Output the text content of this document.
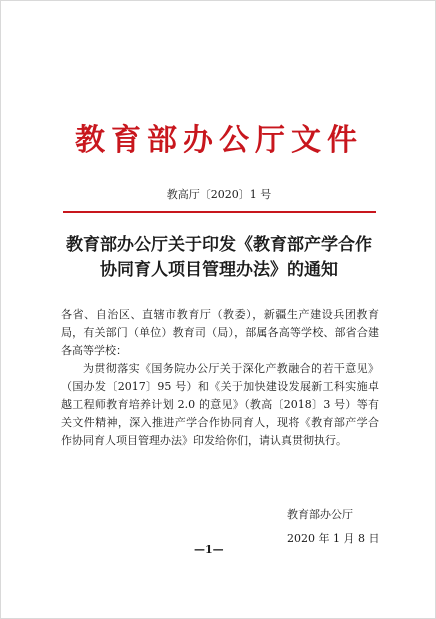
教育部办公厅文件
教高厅〔2020〕1 号
教育部办公厅关于印发《教育部产学合作
协同育人项目管理办法》的通知

各省、自治区、直辖市教育厅（教委），新疆生产建设兵团教育局，有关部门（单位）教育司（局），部属各高等学校、部省合建各高等学校：

为贯彻落实《国务院办公厅关于深化产教融合的若干意见》（国办发〔2017〕95 号）和《关于加快建设发展新工科实施卓越工程师教育培养计划 2.0 的意见》（教高〔2018〕3 号）等有关文件精神，深入推进产学合作协同育人，现将《教育部产学合作协同育人项目管理办法》印发给你们，请认真贯彻执行。

教育部办公厅
2020 年 1 月 8 日
—1—
